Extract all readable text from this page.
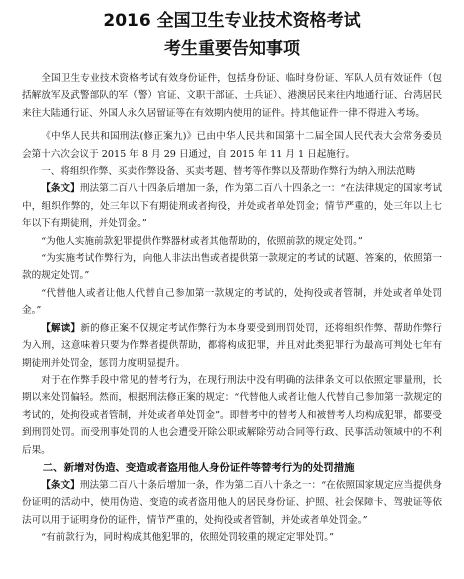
2016 全国卫生专业技术资格考试
考生重要告知事项

全国卫生专业技术资格考试有效身份证件，包括身份证、临时身份证、军队人员有效证件（包括解放军及武警部队的军（警）官证、文职干部证、士兵证）、港澳居民来往内地通行证、台湾居民来往大陆通行证、外国人永久居留证等在有效期内使用的证件。持其他证件一律不得进入考场。

《中华人民共和国刑法(修正案九)》已由中华人民共和国第十二届全国人民代表大会常务委员会第十六次会议于 2015 年 8 月 29 日通过，自 2015 年 11 月 1 日起施行。

一、将组织作弊、买卖作弊设备、买卖考题、替考等作弊以及帮助作弊行为纳入刑法范畴

【条文】刑法第二百八十四条后增加一条，作为第二百八十四条之一：“在法律规定的国家考试中，组织作弊的，处三年以下有期徒刑或者拘役，并处或者单处罚金；情节严重的，处三年以上七年以下有期徒刑，并处罚金。”

“为他人实施前款犯罪提供作弊器材或者其他帮助的，依照前款的规定处罚。”

“为实施考试作弊行为，向他人非法出售或者提供第一款规定的考试的试题、答案的，依照第一款的规定处罚。”

“代替他人或者让他人代替自己参加第一款规定的考试的，处拘役或者管制，并处或者单处罚金。”

【解读】新的修正案不仅规定考试作弊行为本身要受到刑罚处罚，还将组织作弊、帮助作弊行为入刑，这意味着只要为作弊者提供帮助，都将构成犯罪，并且对此类犯罪行为最高可判处七年有期徒刑并处罚金，惩罚力度明显提升。

对于在作弊手段中常见的替考行为，在现行刑法中没有明确的法律条文可以依照定罪量刑，长期以来处罚偏轻。然而，根据刑法修正案的规定：“代替他人或者让他人代替自己参加第一款规定的考试的，处拘役或者管制，并处或者单处罚金”。即替考中的替考人和被替考人均构成犯罪，都要受到刑罚处罚。而受刑事处罚的人也会遭受开除公职或解除劳动合同等行政、民事活动领域中的不利后果。

二、新增对伪造、变造或者盗用他人身份证件等替考行为的处罚措施

【条文】刑法第二百八十条后增加一条，作为第二百八十条之一：“在依照国家规定应当提供身份证明的活动中，使用伪造、变造的或者盗用他人的居民身份证、护照、社会保障卡、驾驶证等依法可以用于证明身份的证件，情节严重的，处拘役或者管制，并处或者单处罚金。”

“有前款行为，同时构成其他犯罪的，依照处罚较重的规定定罪处罚。”
